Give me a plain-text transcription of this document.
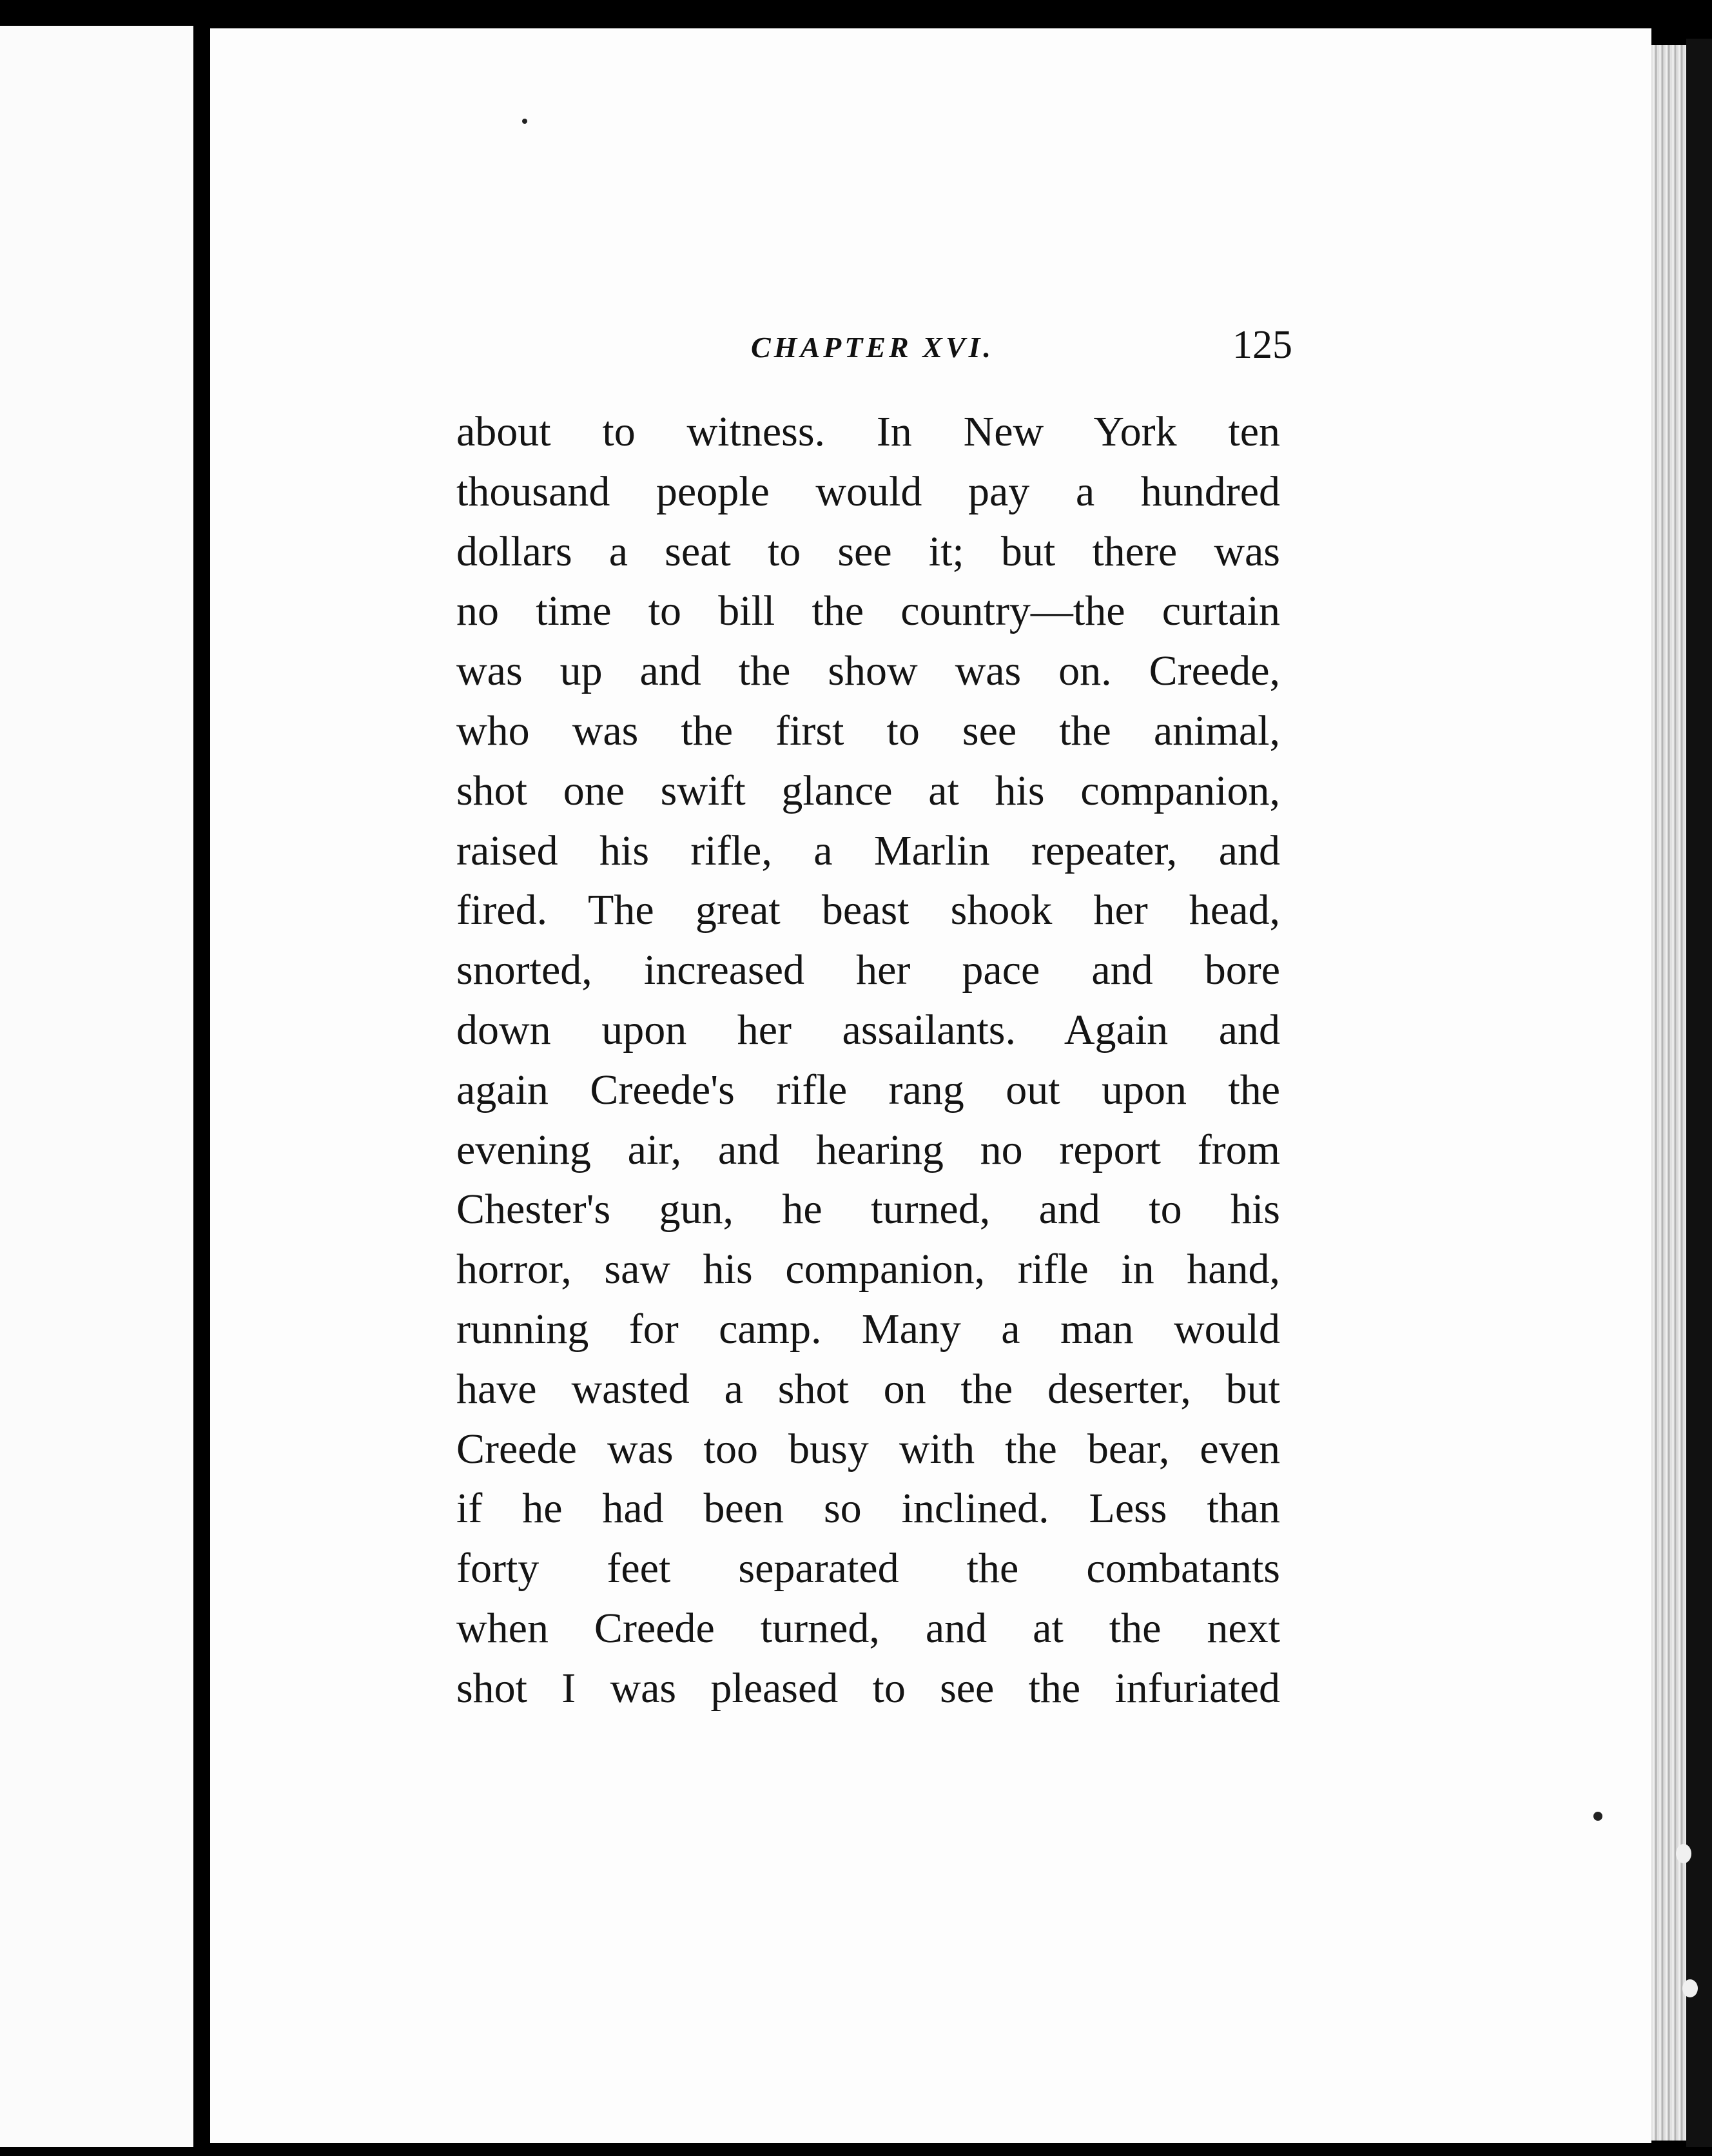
CHAPTER XVI.	125
about to witness. In New York ten
thousand people would pay a hundred
dollars a seat to see it; but there was
no time to bill the country—the curtain
was up and the show was on. Creede,
who was the first to see the animal,
shot one swift glance at his companion,
raised his rifle, a Marlin repeater, and
fired. The great beast shook her head,
snorted, increased her pace and bore
down upon her assailants. Again and
again Creede's rifle rang out upon the
evening air, and hearing no report from
Chester's gun, he turned, and to his
horror, saw his companion, rifle in hand,
running for camp. Many a man would
have wasted a shot on the deserter, but
Creede was too busy with the bear, even
if he had been so inclined. Less than
forty feet separated the combatants
when Creede turned, and at the next
shot I was pleased to see the infuriated
